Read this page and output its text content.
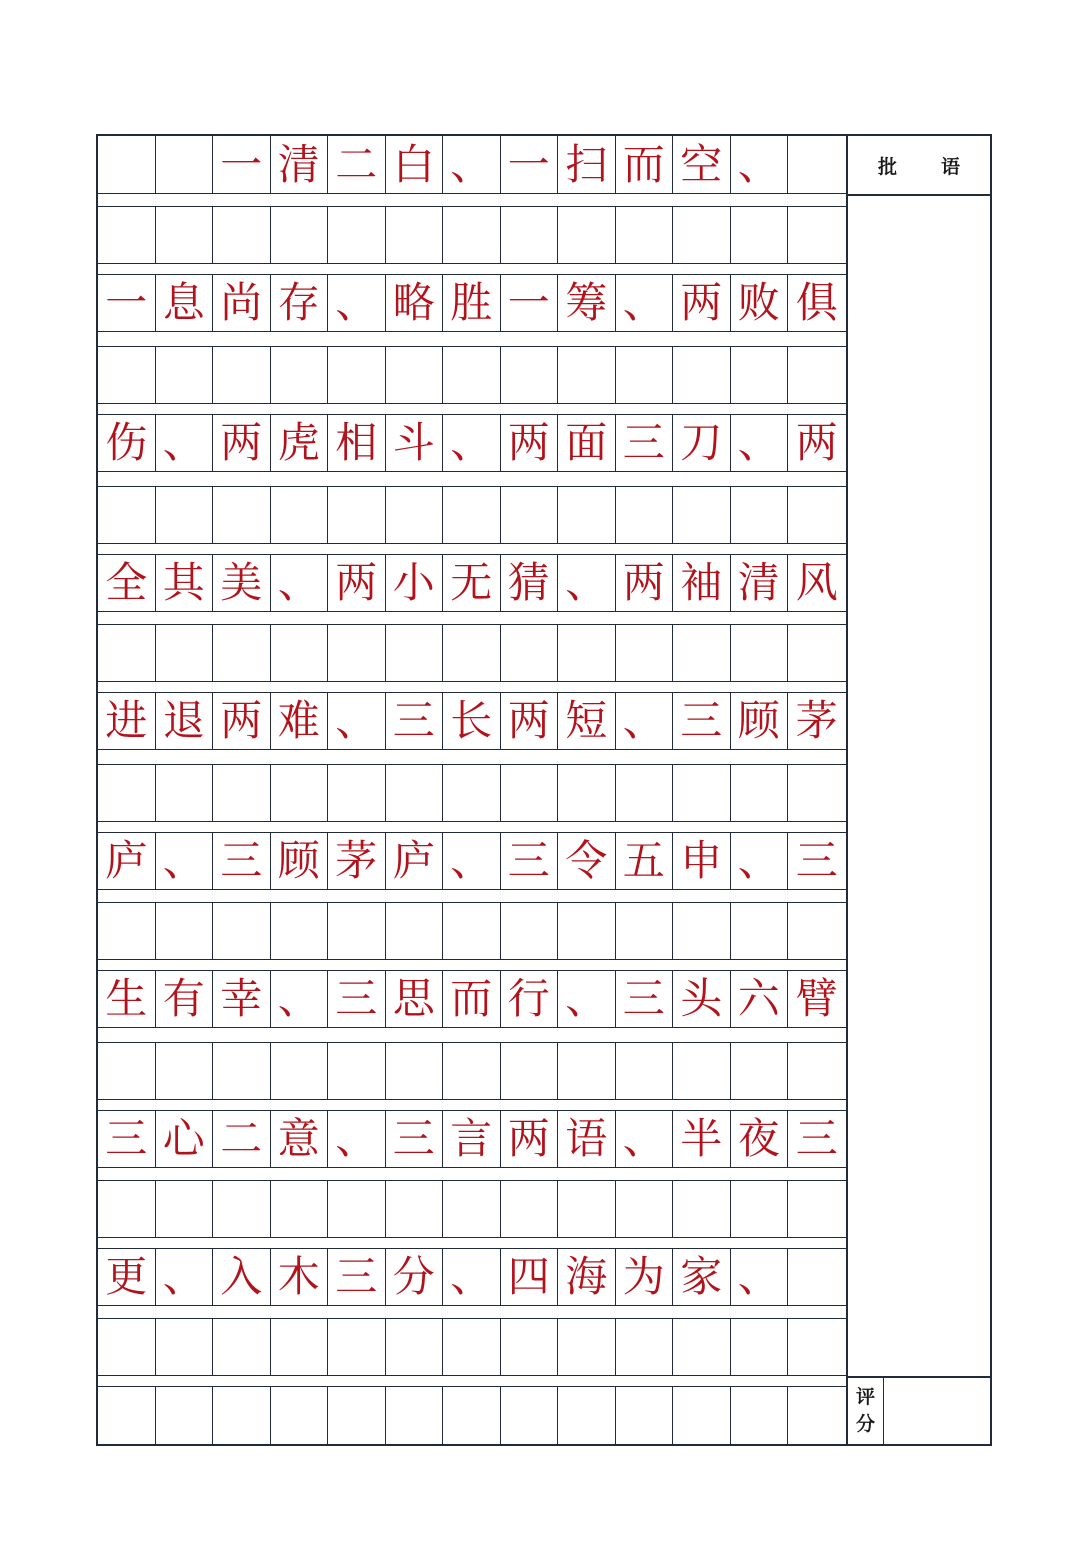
一 清 二 白 、 一 扫 而 空 、
一 息 尚 存 、 略 胜 一 筹 、 两 败 俱
伤 、 两 虎 相 斗 、 两 面 三 刀 、 两
全 其 美 、 两 小 无 猜 、 两 袖 清 风
进 退 两 难 、 三 长 两 短 、 三 顾 茅
庐 、 三 顾 茅 庐 、 三 令 五 申 、 三
生 有 幸 、 三 思 而 行 、 三 头 六 臂
三 心 二 意 、 三 言 两 语 、 半 夜 三
更 、 入 木 三 分 、 四 海 为 家 、
批 语
评
分
